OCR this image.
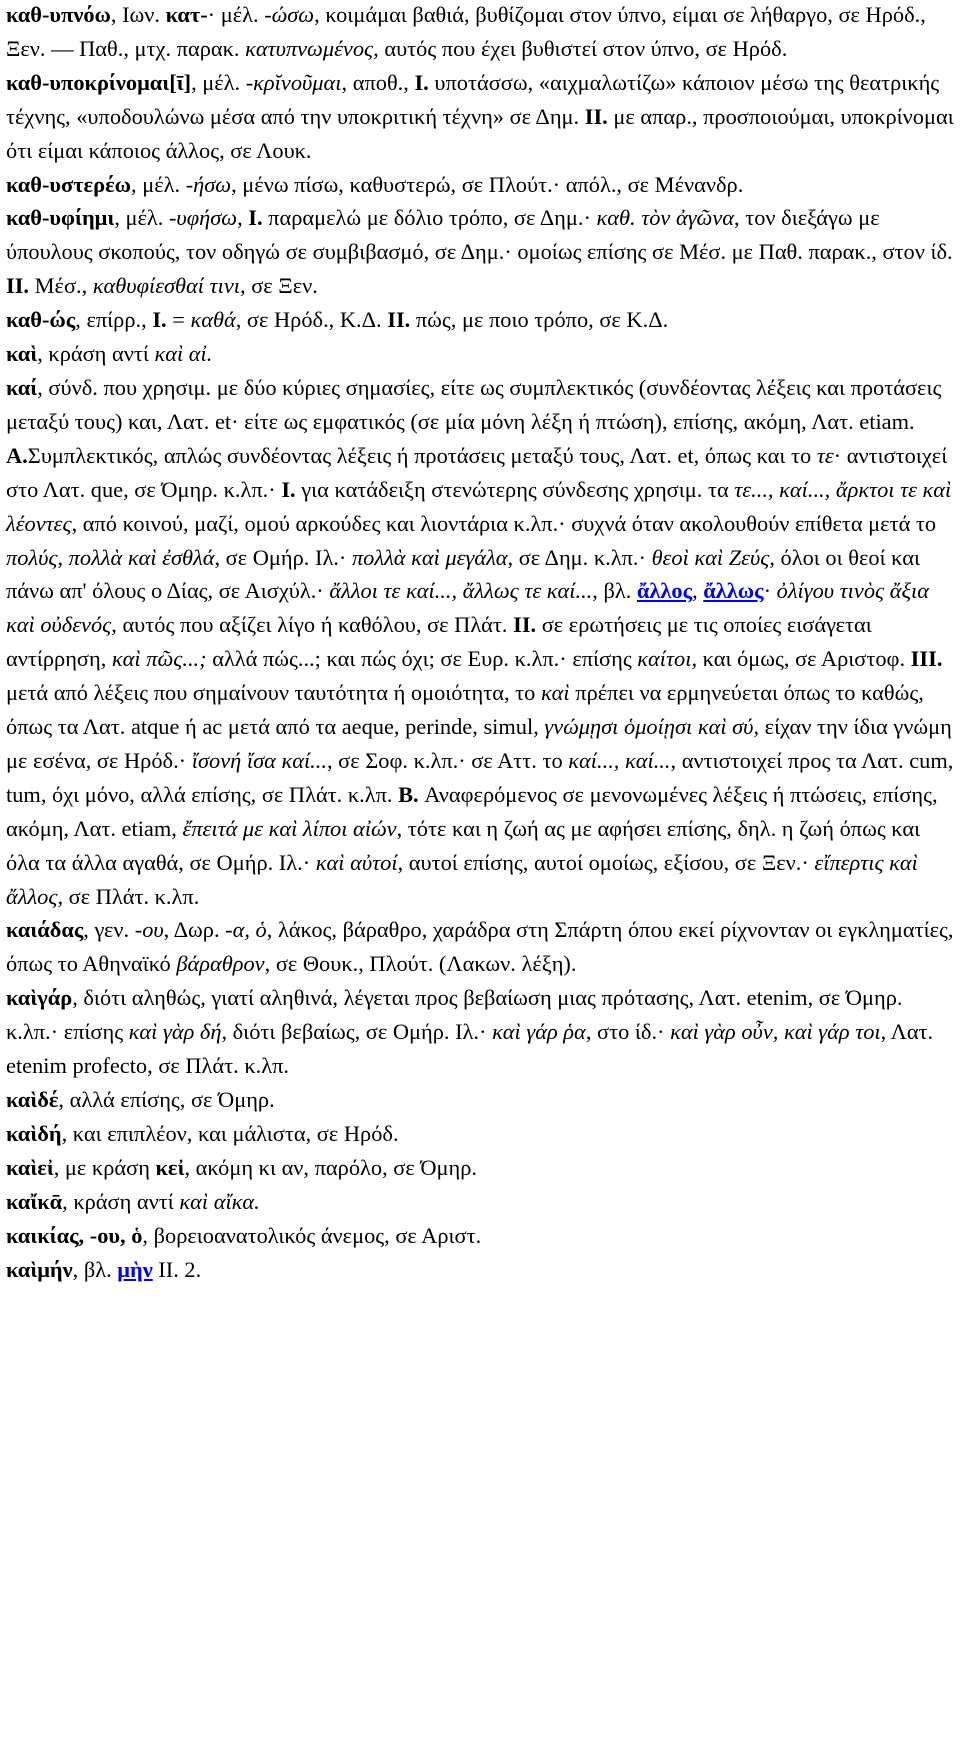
καθ-υπνόω, Ιων. κατ-· μέλ. -ώσω, κοιμάμαι βαθιά, βυθίζομαι στον ύπνο, είμαι σε λήθαργο, σε Ηρόδ., Ξεν. — Παθ., μτχ. παρακ. κατυπνωμένος, αυτός που έχει βυθιστεί στον ύπνο, σε Ηρόδ.

καθ-υποκρίνομαι[ῑ], μέλ. -κρῐνοῦμαι, αποθ., I. υποτάσσω, «αιχμαλωτίζω» κάποιον μέσω της θεατρικής τέχνης, «υποδουλώνω μέσα από την υποκριτική τέχνη» σε Δημ. II. με απαρ., προσποιούμαι, υποκρίνομαι ότι είμαι κάποιος άλλος, σε Λουκ.

καθ-υστερέω, μέλ. -ήσω, μένω πίσω, καθυστερώ, σε Πλούτ.· απόλ., σε Μένανδρ.

καθ-υφίημι, μέλ. -υφήσω, I. παραμελώ με δόλιο τρόπο, σε Δημ.· καθ. τὸν ἀγῶνα, τον διεξάγω με ύπουλους σκοπούς, τον οδηγώ σε συμβιβασμό, σε Δημ.· ομοίως επίσης σε Μέσ. με Παθ. παρακ., στον ίδ. II. Μέσ., καθυφίεσθαί τινι, σε Ξεν.

καθ-ώς, επίρρ., I. = καθά, σε Ηρόδ., Κ.Δ. II. πώς, με ποιο τρόπο, σε Κ.Δ.

καὶ, κράση αντί καὶ αἰ.

καί, σύνδ. που χρησιμ. με δύο κύριες σημασίες, είτε ως συμπλεκτικός (συνδέοντας λέξεις και προτάσεις μεταξύ τους) και, Λατ. et· είτε ως εμφατικός (σε μία μόνη λέξη ή πτώση), επίσης, ακόμη, Λατ. etiam. A.Συμπλεκτικός, απλώς συνδέοντας λέξεις ή προτάσεις μεταξύ τους, Λατ. et, όπως και το τε· αντιστοιχεί στο Λατ. que, σε Όμηρ. κ.λπ.· I. για κατάδειξη στενώτερης σύνδεσης χρησιμ. τα τε..., καί..., ἄρκτοι τε καὶ λέοντες, από κοινού, μαζί, ομού αρκούδες και λιοντάρια κ.λπ.· συχνά όταν ακολουθούν επίθετα μετά το πολύς, πολλὰ καὶ ἐσθλά, σε Ομήρ. Ιλ.· πολλὰ καὶ μεγάλα, σε Δημ. κ.λπ.· θεοὶ καὶ Ζεύς, όλοι οι θεοί και πάνω απ' όλους ο Δίας, σε Αισχύλ.· ἄλλοι τε καί..., ἄλλως τε καί..., βλ. ἄλλος, ἄλλως· ὀλίγου τινὸς ἄξια καὶ οὐδενός, αυτός που αξίζει λίγο ή καθόλου, σε Πλάτ. II. σε ερωτήσεις με τις οποίες εισάγεται αντίρρηση, καὶ πῶς...; αλλά πώς...; και πώς όχι; σε Ευρ. κ.λπ.· επίσης καίτοι, και όμως, σε Αριστοφ. III. μετά από λέξεις που σημαίνουν ταυτότητα ή ομοιότητα, το καὶ πρέπει να ερμηνεύεται όπως το καθώς, όπως τα Λατ. atque ή ac μετά από τα aeque, perinde, simul, γνώμῃσι ὁμοίῃσι καὶ σύ, είχαν την ίδια γνώμη με εσένα, σε Ηρόδ.· ἴσονή ἴσα καί..., σε Σοφ. κ.λπ.· σε Αττ. το καί..., καί..., αντιστοιχεί προς τα Λατ. cum, tum, όχι μόνο, αλλά επίσης, σε Πλάτ. κ.λπ. B. Αναφερόμενος σε μενονωμένες λέξεις ή πτώσεις, επίσης, ακόμη, Λατ. etiam, ἔπειτά με καὶ λίποι αἰών, τότε και η ζωή ας με αφήσει επίσης, δηλ. η ζωή όπως και όλα τα άλλα αγαθά, σε Ομήρ. Ιλ.· καὶ αὐτοί, αυτοί επίσης, αυτοί ομοίως, εξίσου, σε Ξεν.· εἴπερτις καὶ ἄλλος, σε Πλάτ. κ.λπ.

καιάδας, γεν. -ου, Δωρ. -α, ὁ, λάκος, βάραθρο, χαράδρα στη Σπάρτη όπου εκεί ρίχνονταν οι εγκληματίες, όπως το Αθηναϊκό βάραθρον, σε Θουκ., Πλούτ. (Λακων. λέξη).

καὶγάρ, διότι αληθώς, γιατί αληθινά, λέγεται προς βεβαίωση μιας πρότασης, Λατ. etenim, σε Όμηρ. κ.λπ.· επίσης καὶ γὰρ δή, διότι βεβαίως, σε Ομήρ. Ιλ.· καὶ γάρ ῥα, στο ίδ.· καὶ γὰρ οὖν, καὶ γάρ τοι, Λατ. etenim profecto, σε Πλάτ. κ.λπ.

καὶδέ, αλλά επίσης, σε Όμηρ.

καὶδή, και επιπλέον, και μάλιστα, σε Ηρόδ.

καὶεἰ, με κράση κεἰ, ακόμη κι αν, παρόλο, σε Όμηρ.

καἴκᾱ, κράση αντί καὶ αἴκα.

καικίας, -ου, ὁ, βορειοανατολικός άνεμος, σε Αριστ.

καὶμήν, βλ. μὴν II. 2.
